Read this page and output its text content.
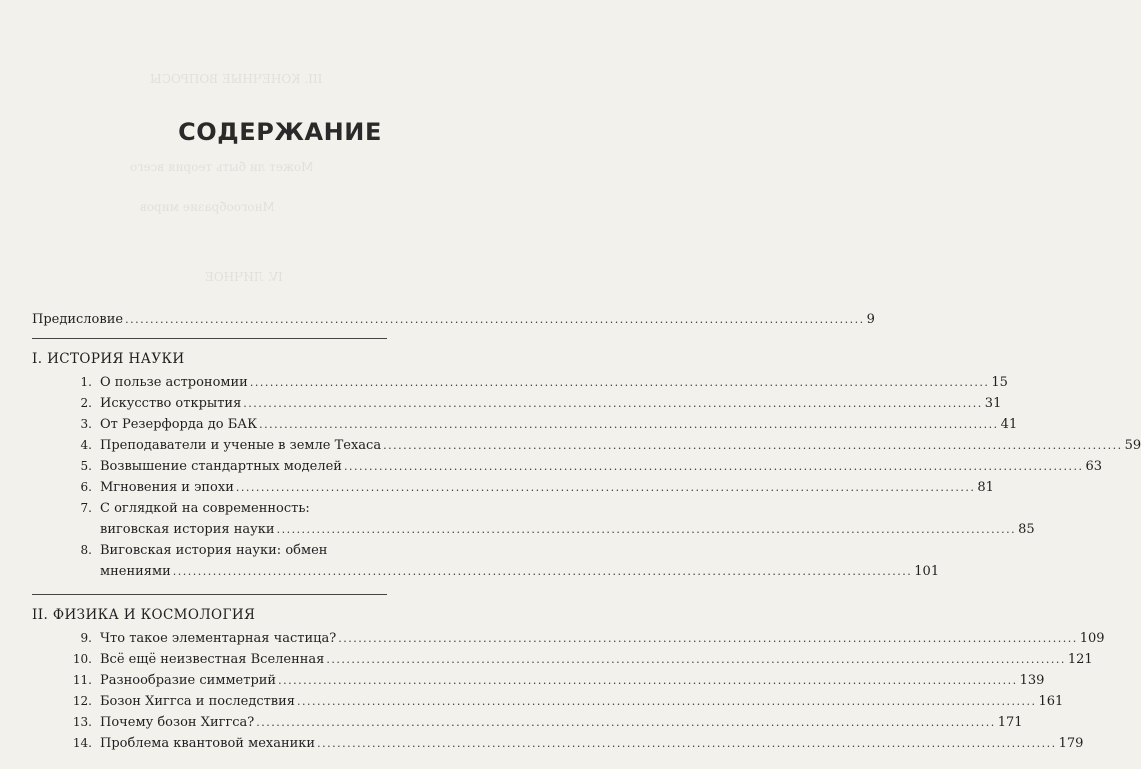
III. КОНЕЧНЫЕ ВОПРОСЫ
Может ли быть теория всего
Многообразие миров
IV. ЛИЧНОЕ
СОДЕРЖАНИЕ
Предисловие .....	9
I. ИСТОРИЯ НАУКИ
1. О пользе астрономии .....	15
2. Искусство открытия .....	31
3. От Резерфорда до БАК .....	41
4. Преподаватели и ученые в земле Техаса .....	59
5. Возвышение стандартных моделей .....	63
6. Мгновения и эпохи .....	81
7. С оглядкой на современность:
виговская история науки .....	85
8. Виговская история науки: обмен
мнениями .....	101
II. ФИЗИКА И КОСМОЛОГИЯ
9. Что такое элементарная частица? .....	109
10. Всё ещё неизвестная Вселенная .....	121
11. Разнообразие симметрий .....	139
12. Бозон Хиггса и последствия .....	161
13. Почему бозон Хиггса? .....	171
14. Проблема квантовой механики .....	179
